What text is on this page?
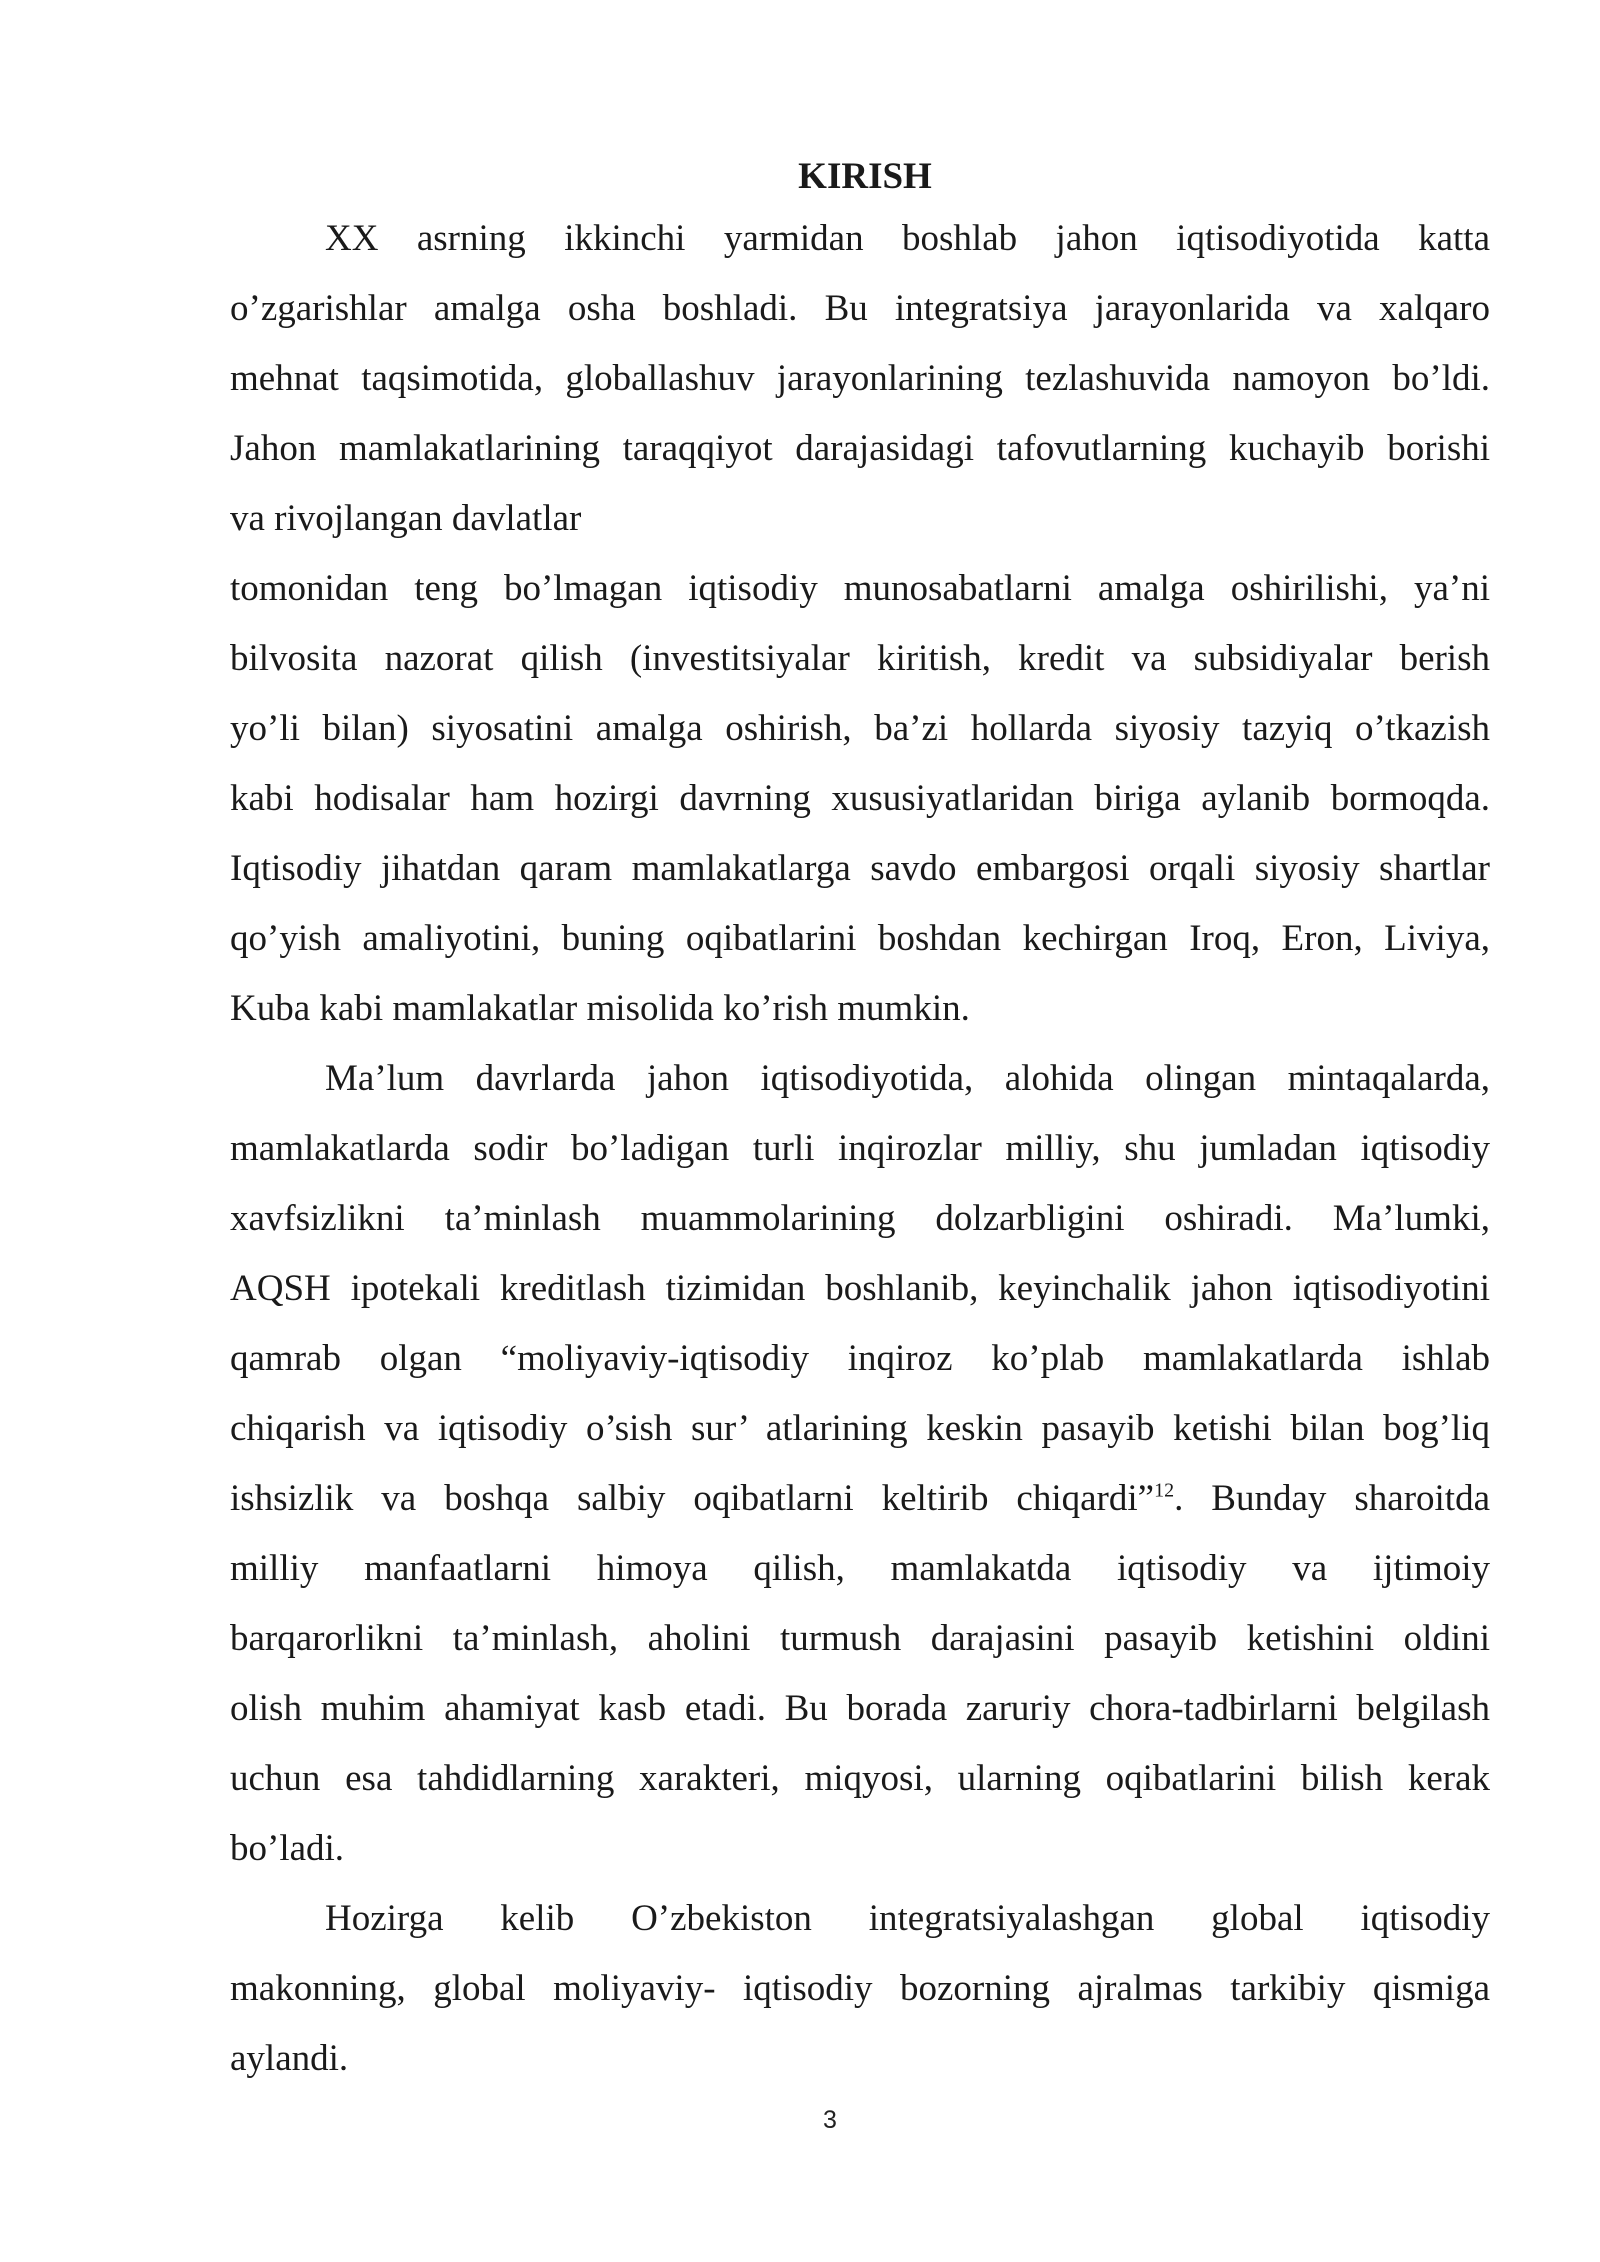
KIRISH

XX asrning ikkinchi yarmidan boshlab jahon iqtisodiyotida katta
o’zgarishlar amalga osha boshladi. Bu integratsiya jarayonlarida va xalqaro
mehnat taqsimotida, globallashuv jarayonlarining tezlashuvida namoyon bo’ldi.
Jahon mamlakatlarining taraqqiyot darajasidagi tafovutlarning kuchayib borishi
va rivojlangan davlatlar

tomonidan teng bo’lmagan iqtisodiy munosabatlarni amalga oshirilishi, ya’ni
bilvosita nazorat qilish (investitsiyalar kiritish, kredit va subsidiyalar berish
yo’li bilan) siyosatini amalga oshirish, ba’zi hollarda siyosiy tazyiq o’tkazish
kabi hodisalar ham hozirgi davrning xususiyatlaridan biriga aylanib bormoqda.
Iqtisodiy jihatdan qaram mamlakatlarga savdo embargosi orqali siyosiy shartlar
qo’yish amaliyotini, buning oqibatlarini boshdan kechirgan Iroq, Eron, Liviya,
Kuba kabi mamlakatlar misolida ko’rish mumkin.

Ma’lum davrlarda jahon iqtisodiyotida, alohida olingan mintaqalarda,
mamlakatlarda sodir bo’ladigan turli inqirozlar milliy, shu jumladan iqtisodiy
xavfsizlikni ta’minlash muammolarining dolzarbligini oshiradi. Ma’lumki,
AQSH ipotekali kreditlash tizimidan boshlanib, keyinchalik jahon iqtisodiyotini
qamrab olgan “moliyaviy-iqtisodiy inqiroz ko’plab mamlakatlarda ishlab
chiqarish va iqtisodiy o’sish sur’ atlarining keskin pasayib ketishi bilan bog’liq
ishsizlik va boshqa salbiy oqibatlarni keltirib chiqardi”$^{12}$. Bunday sharoitda
milliy manfaatlarni himoya qilish, mamlakatda iqtisodiy va ijtimoiy
barqarorlikni ta’minlash, aholini turmush darajasini pasayib ketishini oldini
olish muhim ahamiyat kasb etadi. Bu borada zaruriy chora-tadbirlarni belgilash
uchun esa tahdidlarning xarakteri, miqyosi, ularning oqibatlarini bilish kerak
bo’ladi.

Hozirga kelib O’zbekiston integratsiyalashgan global iqtisodiy
makonning, global moliyaviy- iqtisodiy bozorning ajralmas tarkibiy qismiga
aylandi.

3
